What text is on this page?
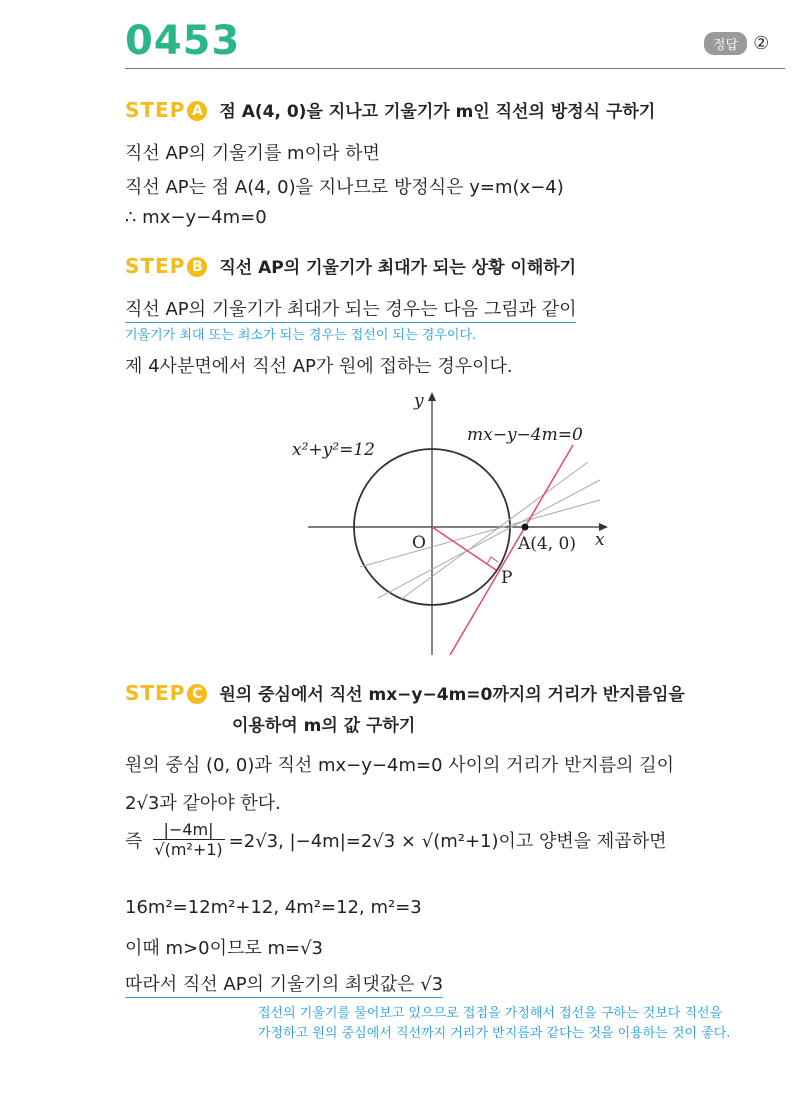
0453	정답 ②
STEP A 점 A(4, 0)을 지나고 기울기가 m인 직선의 방정식 구하기
직선 AP의 기울기를 m이라 하면
직선 AP는 점 A(4, 0)을 지나므로 방정식은 y=m(x−4)
∴ mx−y−4m=0
STEP B 직선 AP의 기울기가 최대가 되는 상황 이해하기
직선 AP의 기울기가 최대가 되는 경우는 다음 그림과 같이
기울기가 최대 또는 최소가 되는 경우는 접선이 되는 경우이다.
제 4사분면에서 직선 AP가 원에 접하는 경우이다.
x²+y²=12
mx−y−4m=0
y
x
O	A(4, 0)
P
STEP C 원의 중심에서 직선 mx−y−4m=0까지의 거리가 반지름임을
이용하여 m의 값 구하기
원의 중심 (0, 0)과 직선 mx−y−4m=0 사이의 거리가 반지름의 길이
2√3과 같아야 한다.
즉
|−4m|
√(m²+1) =2√3, |−4m|=2√3 × √(m²+1)이고 양변을 제곱하면
16m²=12m²+12, 4m²=12, m²=3
이때 m>0이므로 m=√3
따라서 직선 AP의 기울기의 최댓값은 √3
접선의 기울기를 물어보고 있으므로 접점을 가정해서 접선을 구하는 것보다 직선을
가정하고 원의 중심에서 직선까지 거리가 반지름과 같다는 것을 이용하는 것이 좋다.
